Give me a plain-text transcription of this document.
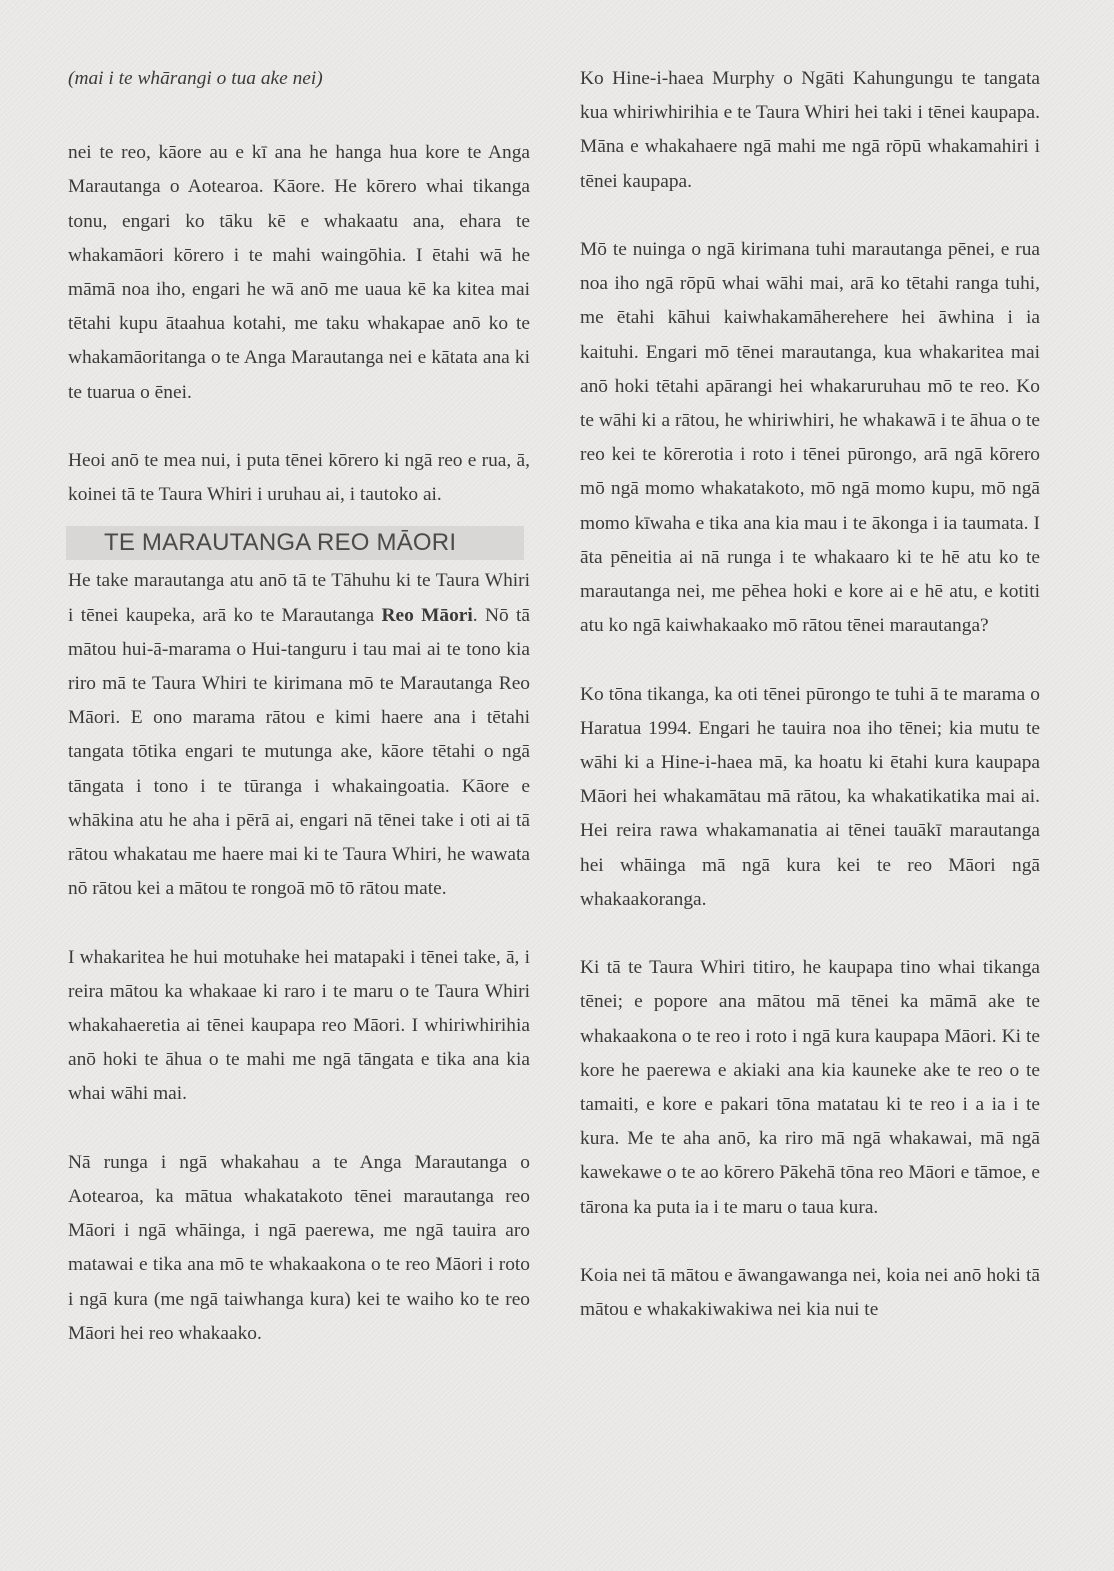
(mai i te whārangi o tua ake nei)

nei te reo, kāore au e kī ana he hanga hua kore te Anga Marautanga o Aotearoa. Kāore. He kōrero whai tikanga tonu, engari ko tāku kē e whakaatu ana, ehara te whakamāori kōrero i te mahi waingōhia. I ētahi wā he māmā noa iho, engari he wā anō me uaua kē ka kitea mai tētahi kupu ātaahua kotahi, me taku whakapae anō ko te whakamāoritanga o te Anga Marautanga nei e kātata ana ki te tuarua o ēnei.

Heoi anō te mea nui, i puta tēnei kōrero ki ngā reo e rua, ā, koinei tā te Taura Whiri i uruhau ai, i tautoko ai.

TE MARAUTANGA REO MĀORI

He take marautanga atu anō tā te Tāhuhu ki te Taura Whiri i tēnei kaupeka, arā ko te Marautanga Reo Māori. Nō tā mātou hui-ā-marama o Hui-tanguru i tau mai ai te tono kia riro mā te Taura Whiri te kirimana mō te Marautanga Reo Māori. E ono marama rātou e kimi haere ana i tētahi tangata tōtika engari te mutunga ake, kāore tētahi o ngā tāngata i tono i te tūranga i whakaingoatia. Kāore e whākina atu he aha i pērā ai, engari nā tēnei take i oti ai tā rātou whakatau me haere mai ki te Taura Whiri, he wawata nō rātou kei a mātou te rongoā mō tō rātou mate.

I whakaritea he hui motuhake hei matapaki i tēnei take, ā, i reira mātou ka whakaae ki raro i te maru o te Taura Whiri whakahaeretia ai tēnei kaupapa reo Māori. I whiriwhirihia anō hoki te āhua o te mahi me ngā tāngata e tika ana kia whai wāhi mai.

Nā runga i ngā whakahau a te Anga Marautanga o Aotearoa, ka mātua whakatakoto tēnei marautanga reo Māori i ngā whāinga, i ngā paerewa, me ngā tauira aro matawai e tika ana mō te whakaakona o te reo Māori i roto i ngā kura (me ngā taiwhanga kura) kei te waiho ko te reo Māori hei reo whakaako.

Ko Hine-i-haea Murphy o Ngāti Kahungungu te tangata kua whiriwhirihia e te Taura Whiri hei taki i tēnei kaupapa. Māna e whakahaere ngā mahi me ngā rōpū whakamahiri i tēnei kaupapa.

Mō te nuinga o ngā kirimana tuhi marautanga pēnei, e rua noa iho ngā rōpū whai wāhi mai, arā ko tētahi ranga tuhi, me ētahi kāhui kaiwhakamāherehere hei āwhina i ia kaituhi. Engari mō tēnei marautanga, kua whakaritea mai anō hoki tētahi apārangi hei whakaruruhau mō te reo. Ko te wāhi ki a rātou, he whiriwhiri, he whakawā i te āhua o te reo kei te kōrerotia i roto i tēnei pūrongo, arā ngā kōrero mō ngā momo whakatakoto, mō ngā momo kupu, mō ngā momo kīwaha e tika ana kia mau i te ākonga i ia taumata. I āta pēneitia ai nā runga i te whakaaro ki te hē atu ko te marautanga nei, me pēhea hoki e kore ai e hē atu, e kotiti atu ko ngā kaiwhakaako mō rātou tēnei marautanga?

Ko tōna tikanga, ka oti tēnei pūrongo te tuhi ā te marama o Haratua 1994. Engari he tauira noa iho tēnei; kia mutu te wāhi ki a Hine-i-haea mā, ka hoatu ki ētahi kura kaupapa Māori hei whakamātau mā rātou, ka whakatikatika mai ai. Hei reira rawa whakamanatia ai tēnei tauākī marautanga hei whāinga mā ngā kura kei te reo Māori ngā whakaakoranga.

Ki tā te Taura Whiri titiro, he kaupapa tino whai tikanga tēnei; e popore ana mātou mā tēnei ka māmā ake te whakaakona o te reo i roto i ngā kura kaupapa Māori. Ki te kore he paerewa e akiaki ana kia kauneke ake te reo o te tamaiti, e kore e pakari tōna matatau ki te reo i a ia i te kura. Me te aha anō, ka riro mā ngā whakawai, mā ngā kawekawe o te ao kōrero Pākehā tōna reo Māori e tāmoe, e tārona ka puta ia i te maru o taua kura.

Koia nei tā mātou e āwangawanga nei, koia nei anō hoki tā mātou e whakakiwakiwa nei kia nui te
